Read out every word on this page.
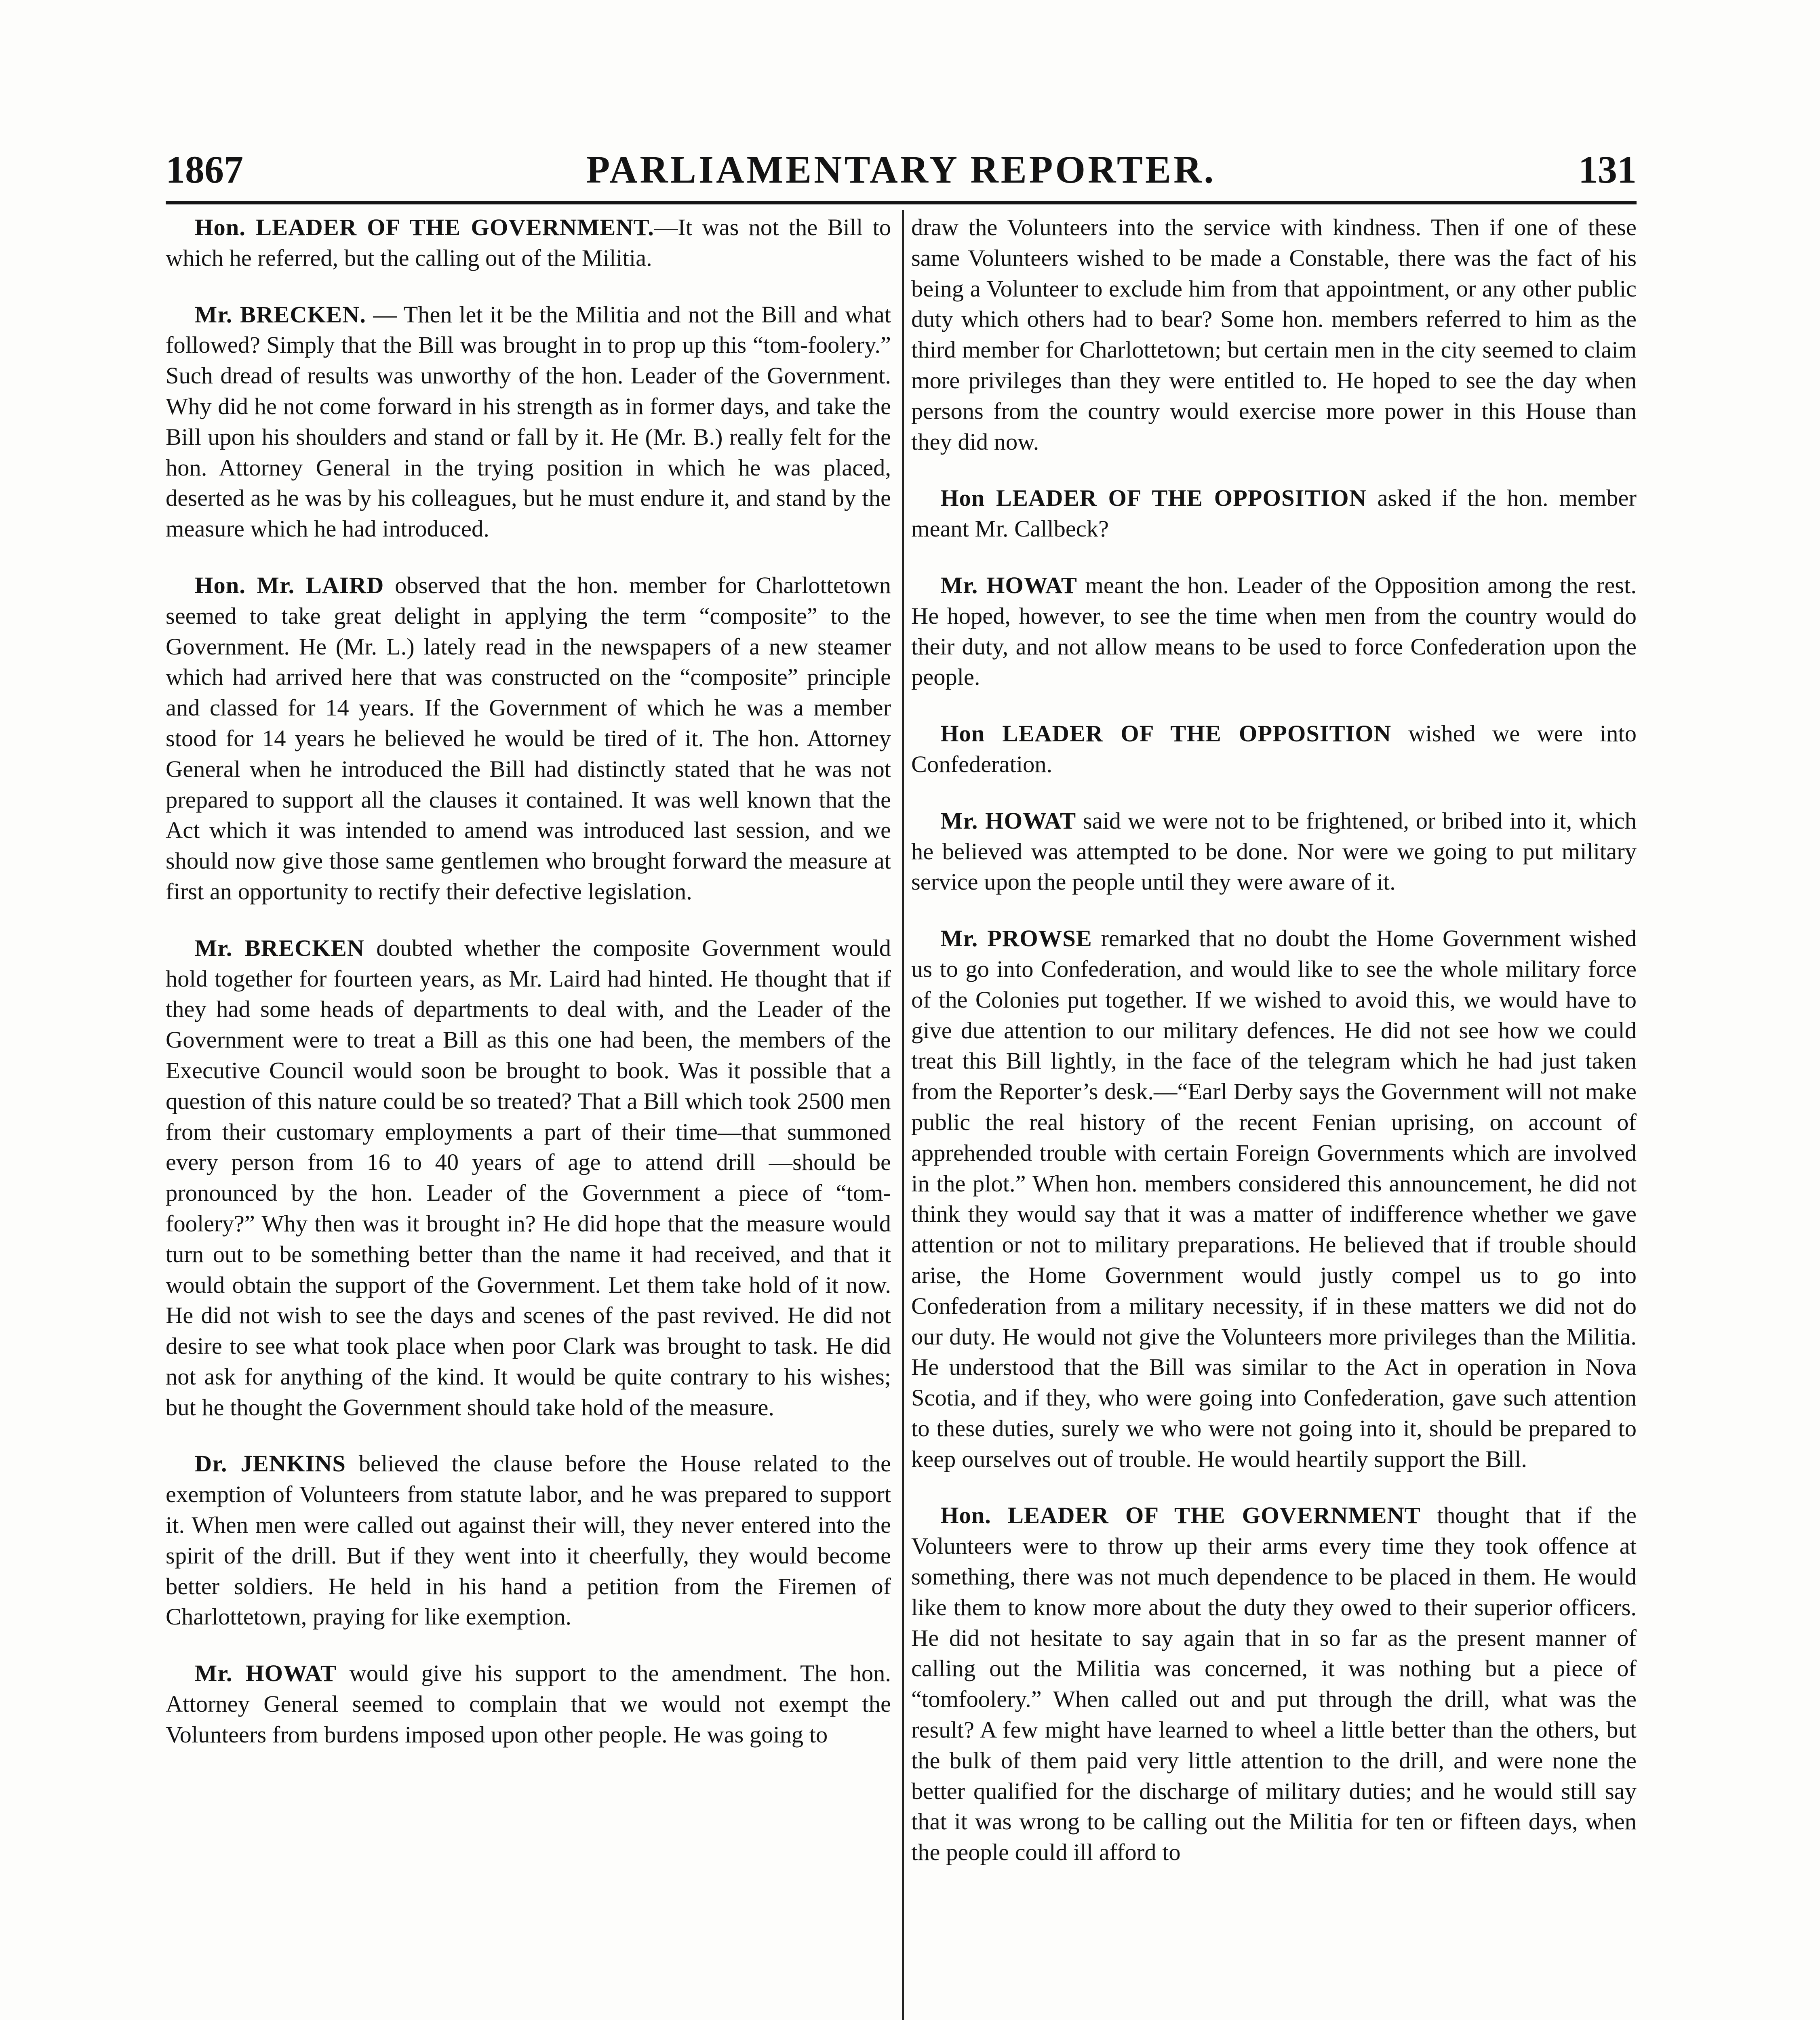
PARLIAMENTARY REPORTER.
1867	131

Hon. LEADER OF THE GOVERNMENT.—It was not the Bill to which he referred, but the calling out of the Militia.

Mr. BRECKEN. — Then let it be the Militia and not the Bill and what followed? Simply that the Bill was brought in to prop up this “tom-foolery.” Such dread of results was unworthy of the hon. Leader of the Government. Why did he not come forward in his strength as in former days, and take the Bill upon his shoulders and stand or fall by it. He (Mr. B.) really felt for the hon. Attorney General in the trying position in which he was placed, deserted as he was by his colleagues, but he must endure it, and stand by the measure which he had introduced.

Hon. Mr. LAIRD observed that the hon. member for Charlottetown seemed to take great delight in applying the term “composite” to the Government. He (Mr. L.) lately read in the newspapers of a new steamer which had arrived here that was constructed on the “composite” principle and classed for 14 years. If the Government of which he was a member stood for 14 years he believed he would be tired of it. The hon. Attorney General when he introduced the Bill had distinctly stated that he was not prepared to support all the clauses it contained. It was well known that the Act which it was intended to amend was introduced last session, and we should now give those same gentlemen who brought forward the measure at first an opportunity to rectify their defective legislation.

Mr. BRECKEN doubted whether the composite Government would hold together for fourteen years, as Mr. Laird had hinted. He thought that if they had some heads of departments to deal with, and the Leader of the Government were to treat a Bill as this one had been, the members of the Executive Council would soon be brought to book. Was it possible that a question of this nature could be so treated? That a Bill which took 2500 men from their customary employments a part of their time—that summoned every person from 16 to 40 years of age to attend drill —should be pronounced by the hon. Leader of the Government a piece of “tom-foolery?” Why then was it brought in? He did hope that the measure would turn out to be something better than the name it had received, and that it would obtain the support of the Government. Let them take hold of it now. He did not wish to see the days and scenes of the past revived. He did not desire to see what took place when poor Clark was brought to task. He did not ask for anything of the kind. It would be quite contrary to his wishes; but he thought the Government should take hold of the measure.

Dr. JENKINS believed the clause before the House related to the exemption of Volunteers from statute labor, and he was prepared to support it. When men were called out against their will, they never entered into the spirit of the drill. But if they went into it cheerfully, they would become better soldiers. He held in his hand a petition from the Firemen of Charlottetown, praying for like exemption.

Mr. HOWAT would give his support to the amendment. The hon. Attorney General seemed to complain that we would not exempt the Volunteers from burdens imposed upon other people. He was going to

draw the Volunteers into the service with kindness. Then if one of these same Volunteers wished to be made a Constable, there was the fact of his being a Volunteer to exclude him from that appointment, or any other public duty which others had to bear? Some hon. members referred to him as the third member for Charlottetown; but certain men in the city seemed to claim more privileges than they were entitled to. He hoped to see the day when persons from the country would exercise more power in this House than they did now.

Hon LEADER OF THE OPPOSITION asked if the hon. member meant Mr. Callbeck?

Mr. HOWAT meant the hon. Leader of the Opposition among the rest. He hoped, however, to see the time when men from the country would do their duty, and not allow means to be used to force Confederation upon the people.

Hon LEADER OF THE OPPOSITION wished we were into Confederation.

Mr. HOWAT said we were not to be frightened, or bribed into it, which he believed was attempted to be done. Nor were we going to put military service upon the people until they were aware of it.

Mr. PROWSE remarked that no doubt the Home Government wished us to go into Confederation, and would like to see the whole military force of the Colonies put together. If we wished to avoid this, we would have to give due attention to our military defences. He did not see how we could treat this Bill lightly, in the face of the telegram which he had just taken from the Reporter’s desk.—“Earl Derby says the Government will not make public the real history of the recent Fenian uprising, on account of apprehended trouble with certain Foreign Governments which are involved in the plot.” When hon. members considered this announcement, he did not think they would say that it was a matter of indifference whether we gave attention or not to military preparations. He believed that if trouble should arise, the Home Government would justly compel us to go into Confederation from a military necessity, if in these matters we did not do our duty. He would not give the Volunteers more privileges than the Militia. He understood that the Bill was similar to the Act in operation in Nova Scotia, and if they, who were going into Confederation, gave such attention to these duties, surely we who were not going into it, should be prepared to keep ourselves out of trouble. He would heartily support the Bill.

Hon. LEADER OF THE GOVERNMENT thought that if the Volunteers were to throw up their arms every time they took offence at something, there was not much dependence to be placed in them. He would like them to know more about the duty they owed to their superior officers. He did not hesitate to say again that in so far as the present manner of calling out the Militia was concerned, it was nothing but a piece of “tomfoolery.” When called out and put through the drill, what was the result? A few might have learned to wheel a little better than the others, but the bulk of them paid very little attention to the drill, and were none the better qualified for the discharge of military duties; and he would still say that it was wrong to be calling out the Militia for ten or fifteen days, when the people could ill afford to
